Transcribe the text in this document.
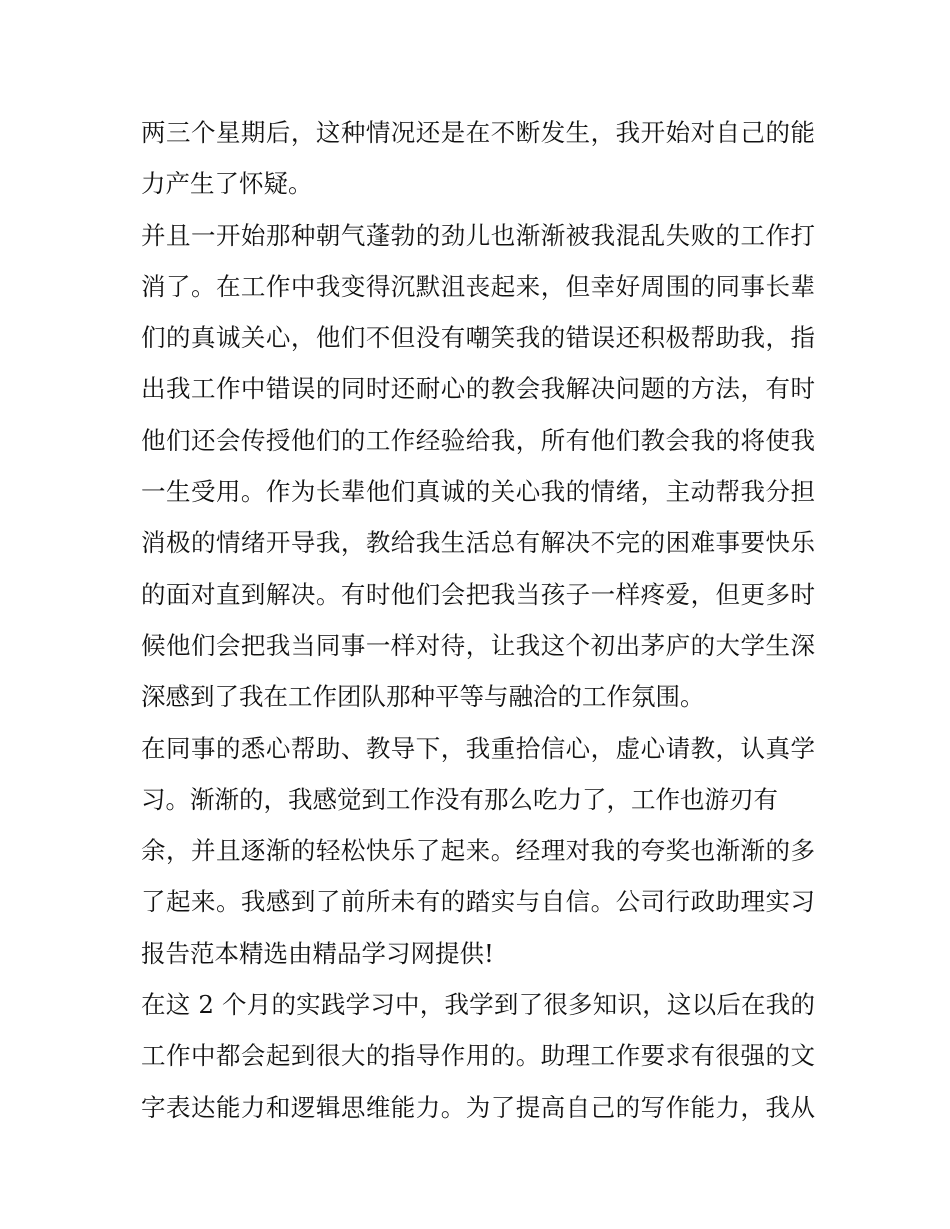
两三个星期后，这种情况还是在不断发生，我开始对自己的能
力产生了怀疑。
并且一开始那种朝气蓬勃的劲儿也渐渐被我混乱失败的工作打
消了。在工作中我变得沉默沮丧起来，但幸好周围的同事长辈
们的真诚关心，他们不但没有嘲笑我的错误还积极帮助我，指
出我工作中错误的同时还耐心的教会我解决问题的方法，有时
他们还会传授他们的工作经验给我，所有他们教会我的将使我
一生受用。作为长辈他们真诚的关心我的情绪，主动帮我分担
消极的情绪开导我，教给我生活总有解决不完的困难事要快乐
的面对直到解决。有时他们会把我当孩子一样疼爱，但更多时
候他们会把我当同事一样对待，让我这个初出茅庐的大学生深
深感到了我在工作团队那种平等与融洽的工作氛围。
在同事的悉心帮助、教导下，我重拾信心，虚心请教，认真学
习。渐渐的，我感觉到工作没有那么吃力了，工作也游刃有
余，并且逐渐的轻松快乐了起来。经理对我的夸奖也渐渐的多
了起来。我感到了前所未有的踏实与自信。公司行政助理实习
报告范本精选由精品学习网提供!
在这 2 个月的实践学习中，我学到了很多知识，这以后在我的
工作中都会起到很大的指导作用的。助理工作要求有很强的文
字表达能力和逻辑思维能力。为了提高自己的写作能力，我从
